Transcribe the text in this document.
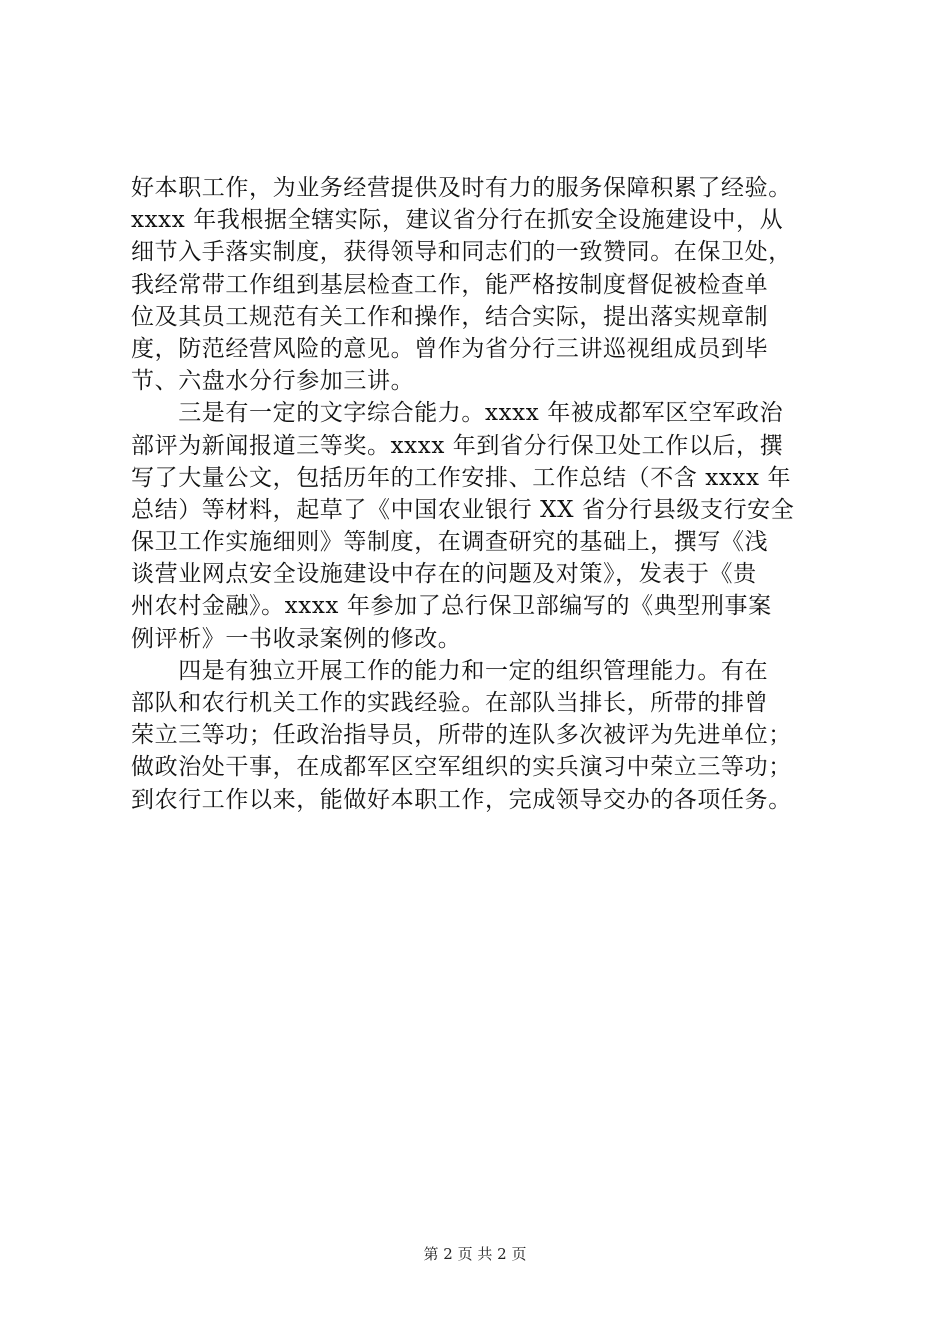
好本职工作，为业务经营提供及时有力的服务保障积累了经验。
xxxx 年我根据全辖实际，建议省分行在抓安全设施建设中，从
细节入手落实制度，获得领导和同志们的一致赞同。在保卫处，
我经常带工作组到基层检查工作，能严格按制度督促被检查单
位及其员工规范有关工作和操作，结合实际，提出落实规章制
度，防范经营风险的意见。曾作为省分行三讲巡视组成员到毕
节、六盘水分行参加三讲。
　　三是有一定的文字综合能力。xxxx 年被成都军区空军政治
部评为新闻报道三等奖。xxxx 年到省分行保卫处工作以后，撰
写了大量公文，包括历年的工作安排、工作总结（不含 xxxx 年
总结）等材料，起草了《中国农业银行 XX 省分行县级支行安全
保卫工作实施细则》等制度，在调查研究的基础上，撰写《浅
谈营业网点安全设施建设中存在的问题及对策》，发表于《贵
州农村金融》。xxxx 年参加了总行保卫部编写的《典型刑事案
例评析》一书收录案例的修改。
　　四是有独立开展工作的能力和一定的组织管理能力。有在
部队和农行机关工作的实践经验。在部队当排长，所带的排曾
荣立三等功；任政治指导员，所带的连队多次被评为先进单位；
做政治处干事，在成都军区空军组织的实兵演习中荣立三等功；
到农行工作以来，能做好本职工作，完成领导交办的各项任务。
第 2 页 共 2 页
